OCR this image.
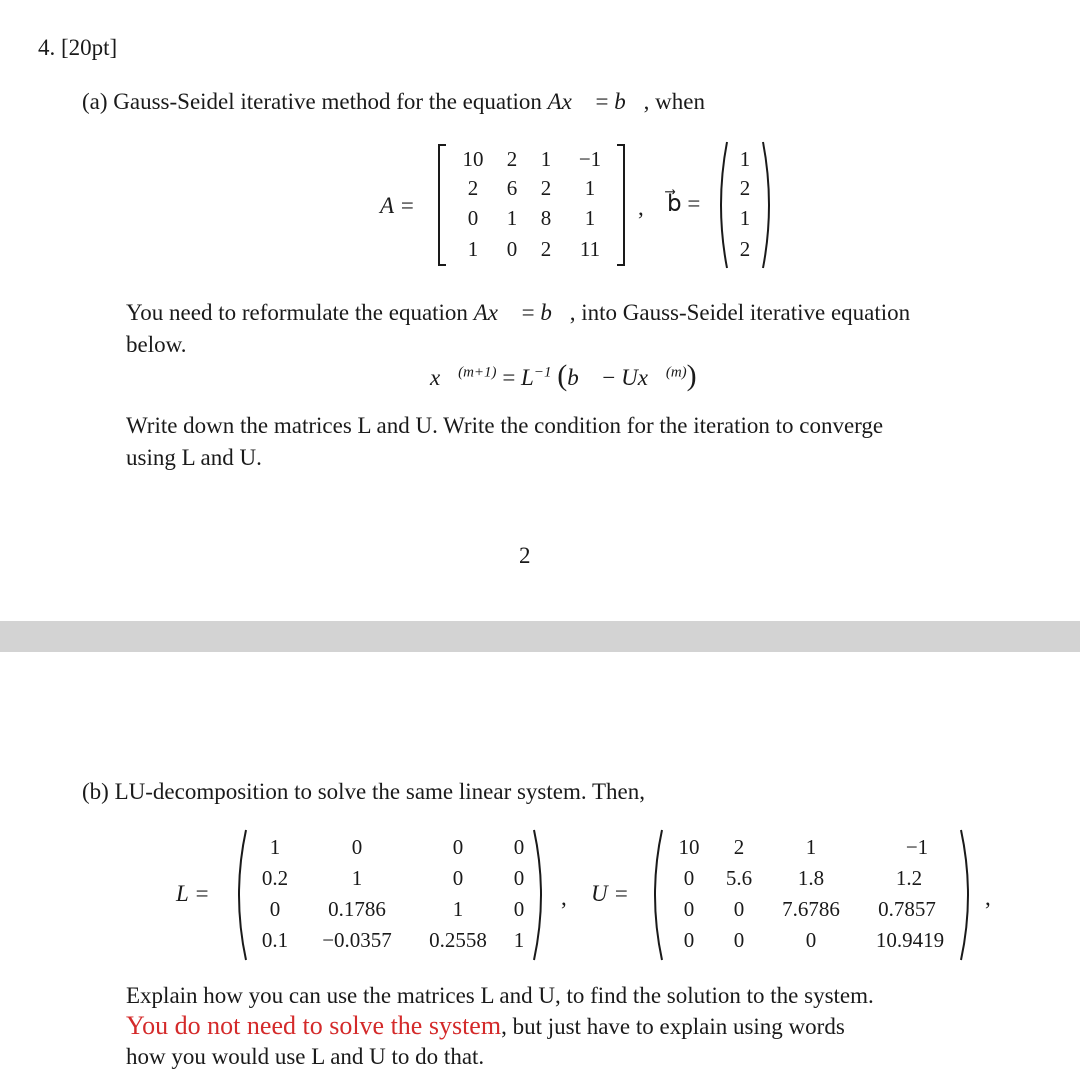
4. [20pt]
(a) Gauss-Seidel iterative method for the equation Ax⃗ = b⃗, when
A =
10 2 1 −1
2 6 2 1
0 1 8 1
1 0 2 11
, b⃗ =
1
2
1
2
You need to reformulate the equation Ax⃗ = b⃗, into Gauss-Seidel iterative equation
below.
x⃗$^{(m+1)}$ = $L^{-1}$ (b⃗ − Ux⃗$^{(m)}$)
Write down the matrices L and U. Write the condition for the iteration to converge
using L and U.
2
(b) LU-decomposition to solve the same linear system. Then,
L =
1	0	0 0
0.2	1	0 0
0 0.1786	1 0
0.1 −0.0357 0.2558 1
, U =
10 2	1	−1
0 5.6 1.8	1.2
0 0 7.6786 0.7857
0 0	0	10.9419
,
Explain how you can use the matrices L and U, to find the solution to the system.
You do not need to solve the system, but just have to explain using words
how you would use L and U to do that.
